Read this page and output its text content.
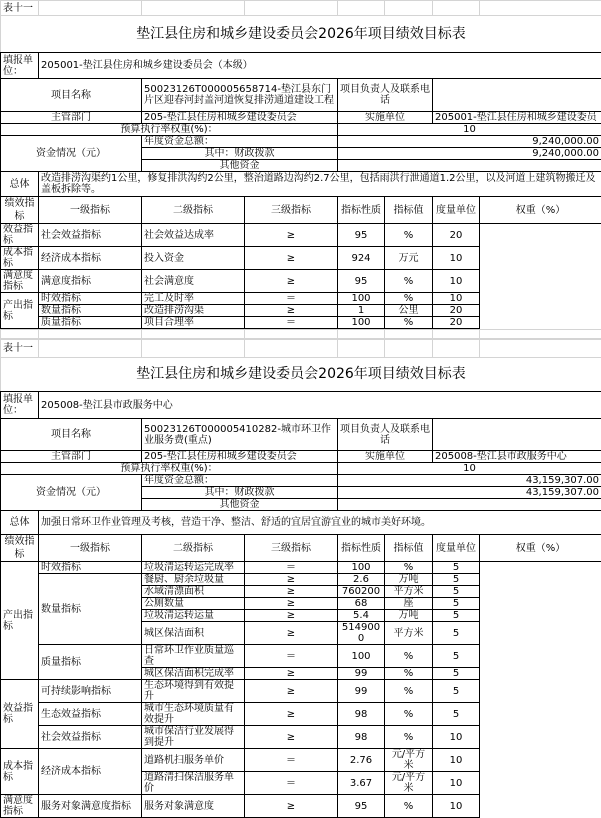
表十一							
垫江县住房和城乡建设委员会2026年项目绩效目标表							
填报单位：	205001-垫江县住房和城乡建设委员会（本级）						
项目名称		50023126T000005658714-垫江县东门片区迎春河封盖河道恢复排涝通道建设工程		项目负责人及联系电话			
主管部门		205-垫江县住房和城乡建设委员会		实施单位		205001-垫江县住房和城乡建设委员	
预算执行率权重(%)：				10			
资金情况（元）		年度资金总额：		9,240,000.00			
		其中：财政拨款		9,240,000.00			
		其他资金					
总体	改造排涝沟渠约1公里，修复排洪沟约2公里，整治道路边沟约2.7公里，包括雨洪行泄通道1.2公里，以及河道上建筑物搬迁及盖板拆除等。						
绩效指标	一级指标	二级指标	三级指标	指标性质	指标值	度量单位	权重（%）
效益指标	社会效益指标	社会效益达成率	≥	95	%	20	
成本指标	经济成本指标	投入资金	≥	924	万元	10	
满意度指标	满意度指标	社会满意度	≥	95	%	10	
产出指标	时效指标	完工及时率	＝	100	%	10	
	数量指标	改造排涝沟渠	≥	1	公里	20	
	质量指标	项目合理率	＝	100	%	20	

表十一							
垫江县住房和城乡建设委员会2026年项目绩效目标表							
填报单位：	205008-垫江县市政服务中心						
项目名称		50023126T000005410282-城市环卫作业服务费(重点)		项目负责人及联系电话			
主管部门		205-垫江县住房和城乡建设委员会		实施单位		205008-垫江县市政服务中心	
预算执行率权重(%)：				10			
资金情况（元）		年度资金总额：		43,159,307.00			
		其中：财政拨款		43,159,307.00			
		其他资金					
总体	加强日常环卫作业管理及考核，营造干净、整洁、舒适的宜居宜游宜业的城市美好环境。						
绩效指标	一级指标	二级指标	三级指标	指标性质	指标值	度量单位	权重（%）
产出指标	时效指标	垃圾清运转运完成率	＝	100	%	5	
	数量指标	餐厨、厨余垃圾量	≥	2.6	万吨	5	
		水域清漂面积	≥	760200	平方米	5	
		公厕数量	≥	68	座	5	
		垃圾清运转运量	≥	5.4	万吨	5	
		城区保洁面积	≥	5149000	平方米	5	
	质量指标	日常环卫作业质量巡查	＝	100	%	5	
		城区保洁面积完成率	≥	99	%	5	
效益指标	可持续影响指标	生态环境得到有效提升	≥	99	%	5	
	生态效益指标	城市生态环境质量有效提升	≥	98	%	5	
	社会效益指标	城市保洁行业发展得到提升	≥	98	%	10	
成本指标	经济成本指标	道路机扫服务单价	＝	2.76	元/平方米	10	
		道路清扫保洁服务单价	＝	3.67	元/平方米	10	
满意度指标	服务对象满意度指标	服务对象满意度	≥	95	%	10	
